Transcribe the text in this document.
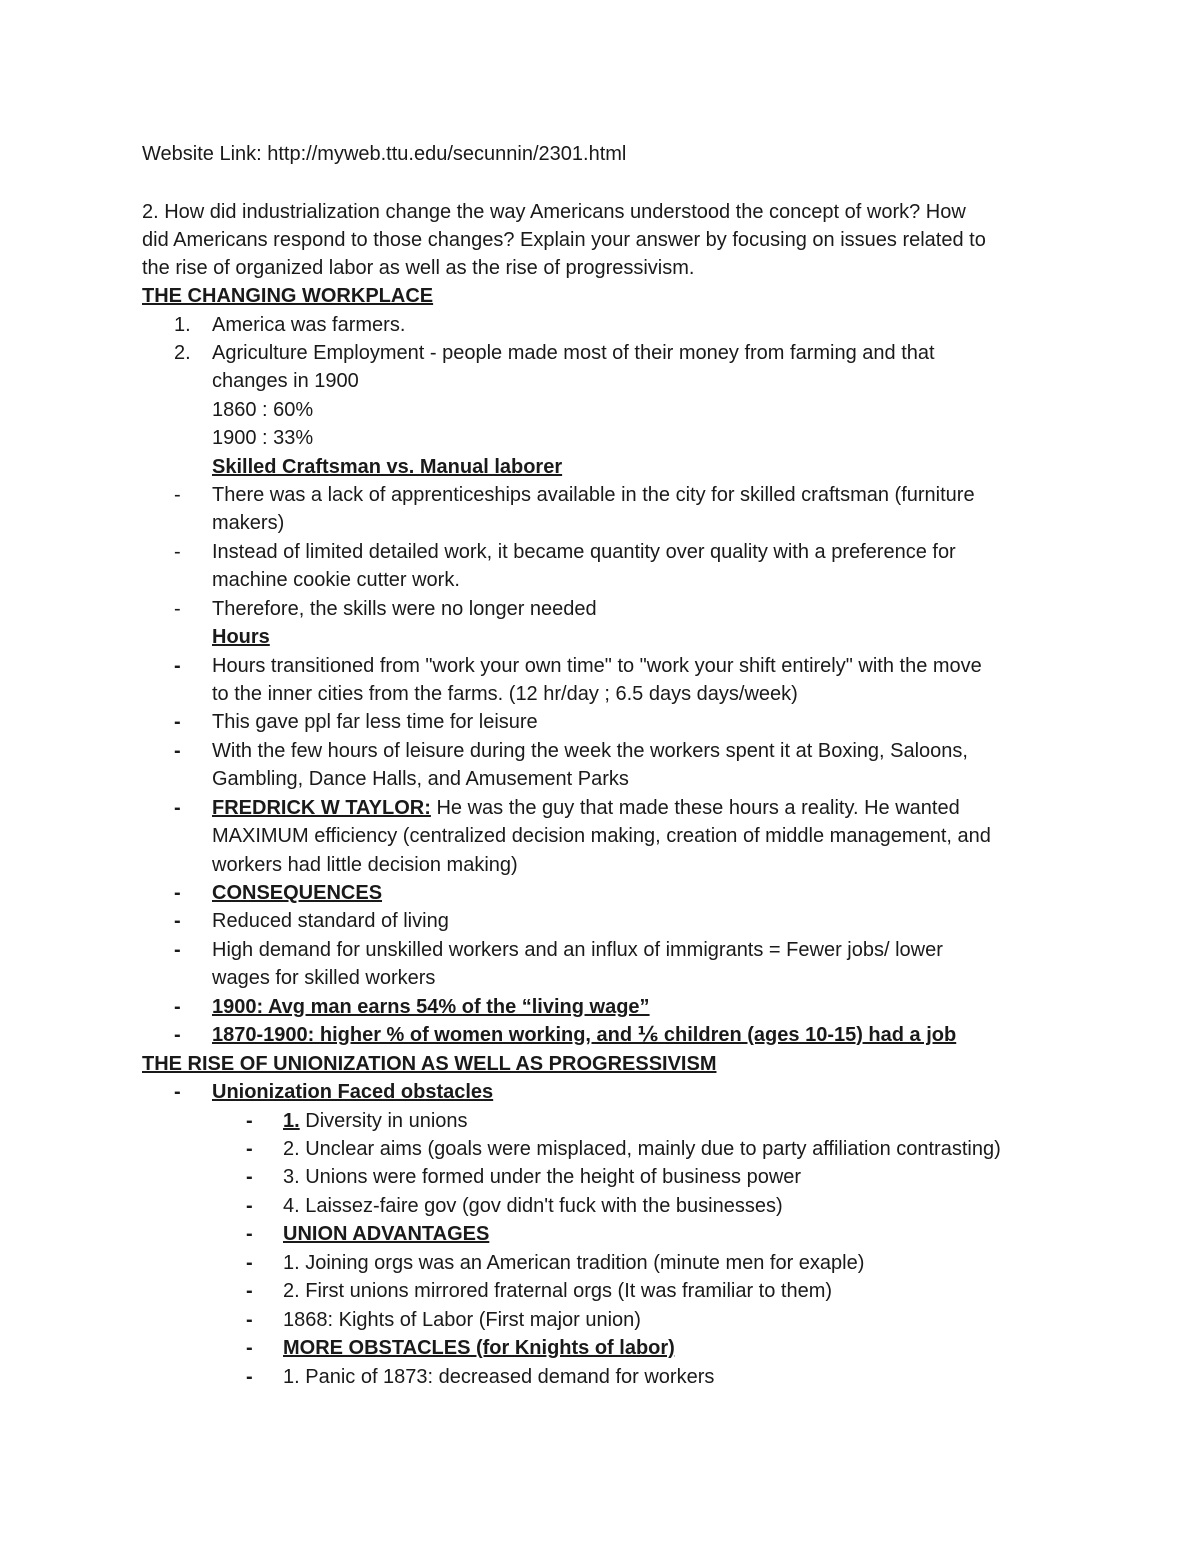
Website Link: http://myweb.ttu.edu/secunnin/2301.html
2. How did industrialization change the way Americans understood the concept of work? How
did Americans respond to those changes? Explain your answer by focusing on issues related to
the rise of organized labor as well as the rise of progressivism.
THE CHANGING WORKPLACE
1. America was farmers.
2. Agriculture Employment - people made most of their money from farming and that
changes in 1900
1860 : 60%
1900 : 33%
Skilled Craftsman vs. Manual laborer
- There was a lack of apprenticeships available in the city for skilled craftsman (furniture
makers)
- Instead of limited detailed work, it became quantity over quality with a preference for
machine cookie cutter work.
- Therefore, the skills were no longer needed
Hours
- Hours transitioned from "work your own time" to "work your shift entirely" with the move
to the inner cities from the farms. (12 hr/day ; 6.5 days days/week)
- This gave ppl far less time for leisure
- With the few hours of leisure during the week the workers spent it at Boxing, Saloons,
Gambling, Dance Halls, and Amusement Parks
- FREDRICK W TAYLOR: He was the guy that made these hours a reality. He wanted
MAXIMUM efficiency (centralized decision making, creation of middle management, and
workers had little decision making)
- CONSEQUENCES
- Reduced standard of living
- High demand for unskilled workers and an influx of immigrants = Fewer jobs/ lower
wages for skilled workers
- 1900: Avg man earns 54% of the “living wage”
- 1870-1900: higher % of women working, and ⅙ children (ages 10-15) had a job
THE RISE OF UNIONIZATION AS WELL AS PROGRESSIVISM
- Unionization Faced obstacles
- 1. Diversity in unions
- 2. Unclear aims (goals were misplaced, mainly due to party affiliation contrasting)
- 3. Unions were formed under the height of business power
- 4. Laissez-faire gov (gov didn't fuck with the businesses)
- UNION ADVANTAGES
- 1. Joining orgs was an American tradition (minute men for exaple)
- 2. First unions mirrored fraternal orgs (It was framiliar to them)
- 1868: Kights of Labor (First major union)
- MORE OBSTACLES (for Knights of labor)
- 1. Panic of 1873: decreased demand for workers
